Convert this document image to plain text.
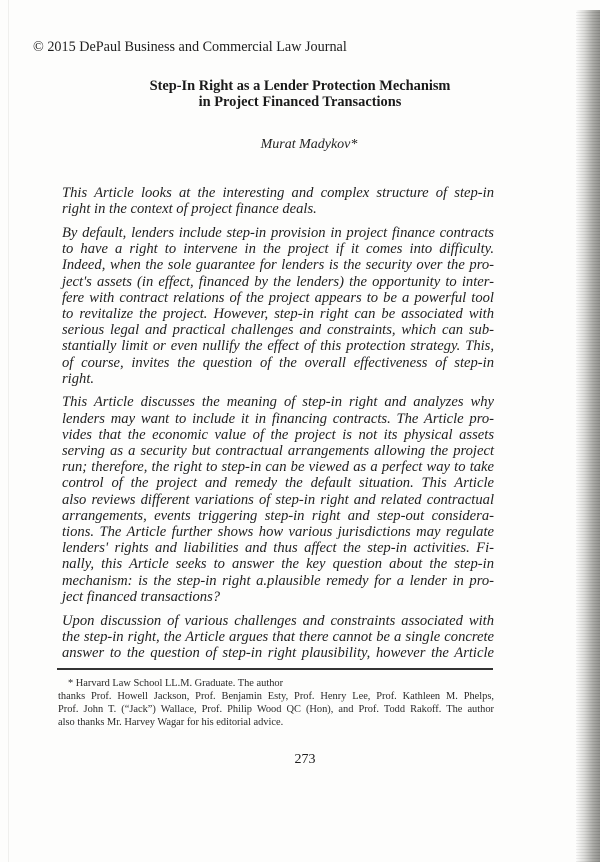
© 2015 DePaul Business and Commercial Law Journal
Step-In Right as a Lender Protection Mechanism
in Project Financed Transactions
Murat Madykov*

This Article looks at the interesting and complex structure of step-in
right in the context of project finance deals.

By default, lenders include step-in provision in project finance contracts
to have a right to intervene in the project if it comes into difficulty.
Indeed, when the sole guarantee for lenders is the security over the pro-
ject's assets (in effect, financed by the lenders) the opportunity to inter-
fere with contract relations of the project appears to be a powerful tool
to revitalize the project. However, step-in right can be associated with
serious legal and practical challenges and constraints, which can sub-
stantially limit or even nullify the effect of this protection strategy. This,
of course, invites the question of the overall effectiveness of step-in
right.

This Article discusses the meaning of step-in right and analyzes why
lenders may want to include it in financing contracts. The Article pro-
vides that the economic value of the project is not its physical assets
serving as a security but contractual arrangements allowing the project
run; therefore, the right to step-in can be viewed as a perfect way to take
control of the project and remedy the default situation. This Article
also reviews different variations of step-in right and related contractual
arrangements, events triggering step-in right and step-out considera-
tions. The Article further shows how various jurisdictions may regulate
lenders' rights and liabilities and thus affect the step-in activities. Fi-
nally, this Article seeks to answer the key question about the step-in
mechanism: is the step-in right a.plausible remedy for a lender in pro-
ject financed transactions?

Upon discussion of various challenges and constraints associated with
the step-in right, the Article argues that there cannot be a single concrete
answer to the question of step-in right plausibility, however the Article

* Harvard Law School LL.M. Graduate. The author
thanks Prof. Howell Jackson, Prof. Benjamin Esty, Prof. Henry Lee, Prof. Kathleen M. Phelps,
Prof. John T. (“Jack”) Wallace, Prof. Philip Wood QC (Hon), and Prof. Todd Rakoff. The author
also thanks Mr. Harvey Wagar for his editorial advice.
273
